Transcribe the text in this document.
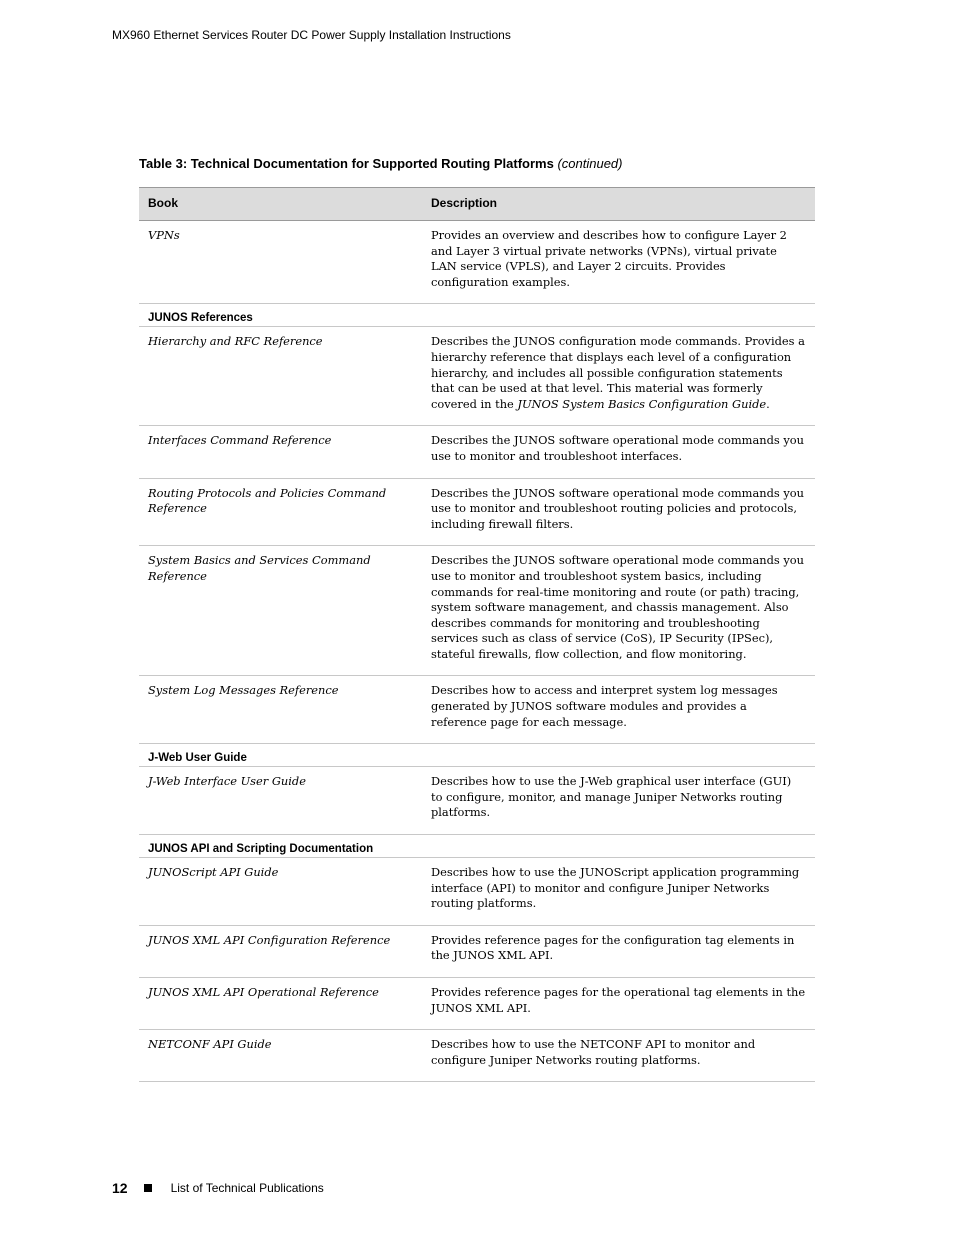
MX960 Ethernet Services Router DC Power Supply Installation Instructions
Table 3: Technical Documentation for Supported Routing Platforms (continued)
Book	Description
VPNs	Provides an overview and describes how to configure Layer 2 and Layer 3 virtual private networks (VPNs), virtual private LAN service (VPLS), and Layer 2 circuits. Provides configuration examples.
JUNOS References	
Hierarchy and RFC Reference	Describes the JUNOS configuration mode commands. Provides a hierarchy reference that displays each level of a configuration hierarchy, and includes all possible configuration statements that can be used at that level. This material was formerly covered in the JUNOS System Basics Configuration Guide.
Interfaces Command Reference	Describes the JUNOS software operational mode commands you use to monitor and troubleshoot interfaces.
Routing Protocols and Policies Command Reference	Describes the JUNOS software operational mode commands you use to monitor and troubleshoot routing policies and protocols, including firewall filters.
System Basics and Services Command Reference	Describes the JUNOS software operational mode commands you use to monitor and troubleshoot system basics, including commands for real-time monitoring and route (or path) tracing, system software management, and chassis management. Also describes commands for monitoring and troubleshooting services such as class of service (CoS), IP Security (IPSec), stateful firewalls, flow collection, and flow monitoring.
System Log Messages Reference	Describes how to access and interpret system log messages generated by JUNOS software modules and provides a reference page for each message.
J-Web User Guide	
J-Web Interface User Guide	Describes how to use the J-Web graphical user interface (GUI) to configure, monitor, and manage Juniper Networks routing platforms.
JUNOS API and Scripting Documentation	
JUNOScript API Guide	Describes how to use the JUNOScript application programming interface (API) to monitor and configure Juniper Networks routing platforms.
JUNOS XML API Configuration Reference	Provides reference pages for the configuration tag elements in the JUNOS XML API.
JUNOS XML API Operational Reference	Provides reference pages for the operational tag elements in the JUNOS XML API.
NETCONF API Guide	Describes how to use the NETCONF API to monitor and configure Juniper Networks routing platforms.
12	List of Technical Publications
